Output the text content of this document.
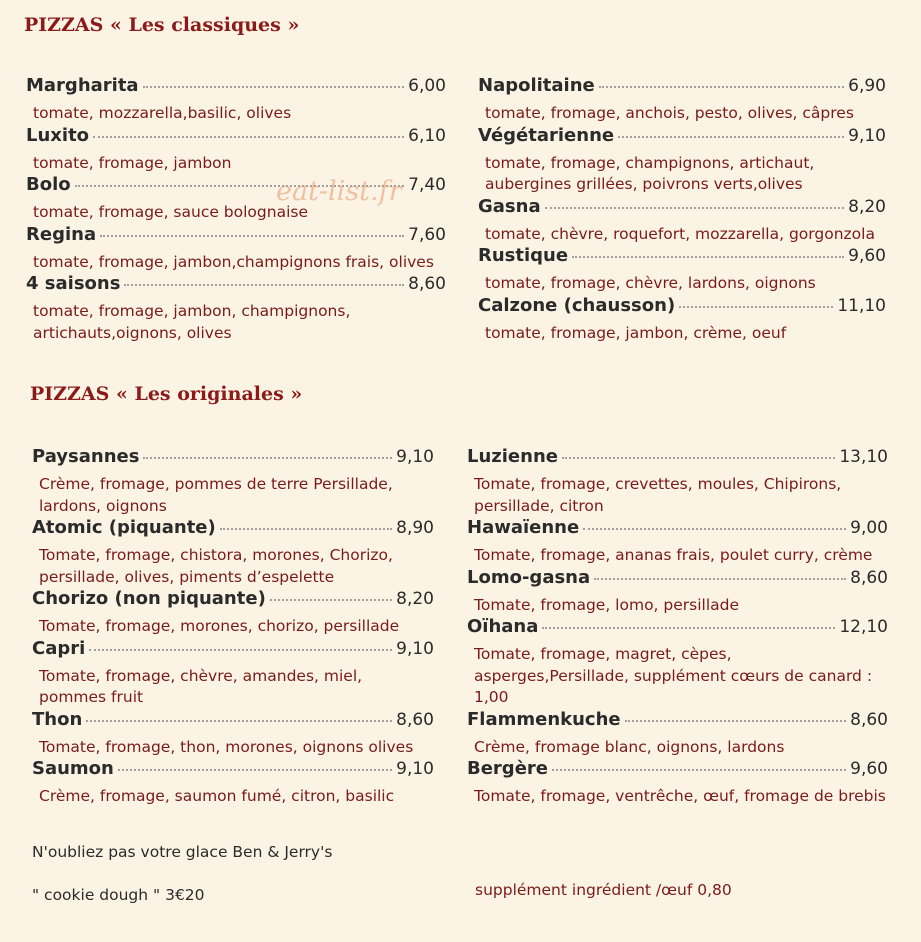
PIZZAS « Les classiques »
Margharita	6,00

tomate, mozzarella,basilic, olives

Luxito	6,10

tomate, fromage, jambon

Bolo	7,40

tomate, fromage, sauce bolognaise

Regina	7,60

tomate, fromage, jambon,champignons frais, olives

4 saisons	8,60

tomate, fromage, jambon, champignons, artichauts,oignons, olives

Napolitaine	6,90

tomate, fromage, anchois, pesto, olives, câpres

Végétarienne	9,10

tomate, fromage, champignons, artichaut, aubergines grillées, poivrons verts,olives

Gasna	8,20

tomate, chèvre, roquefort, mozzarella, gorgonzola

Rustique	9,60

tomate, fromage, chèvre, lardons, oignons

Calzone (chausson)	11,10

tomate, fromage, jambon, crème, oeuf

eat-list.fr
PIZZAS « Les originales »
Paysannes	9,10

Crème, fromage, pommes de terre Persillade, lardons, oignons

Atomic (piquante)	8,90

Tomate, fromage, chistora, morones, Chorizo, persillade, olives, piments d’espelette

Chorizo (non piquante)	8,20

Tomate, fromage, morones, chorizo, persillade

Capri	9,10

Tomate, fromage, chèvre, amandes, miel, pommes fruit

Thon	8,60

Tomate, fromage, thon, morones, oignons olives

Saumon	9,10

Crème, fromage, saumon fumé, citron, basilic

Luzienne	13,10

Tomate, fromage, crevettes, moules, Chipirons, persillade, citron

Hawaïenne	9,00

Tomate, fromage, ananas frais, poulet curry, crème

Lomo-gasna	8,60

Tomate, fromage, lomo, persillade

Oïhana	12,10

Tomate, fromage, magret, cèpes, asperges,Persillade, supplément cœurs de canard : 1,00

Flammenkuche	8,60

Crème, fromage blanc, oignons, lardons

Bergère	9,60

Tomate, fromage, ventrêche, œuf, fromage de brebis

N'oubliez pas votre glace Ben & Jerry's
" cookie dough " 3€20	supplément ingrédient /œuf 0,80
